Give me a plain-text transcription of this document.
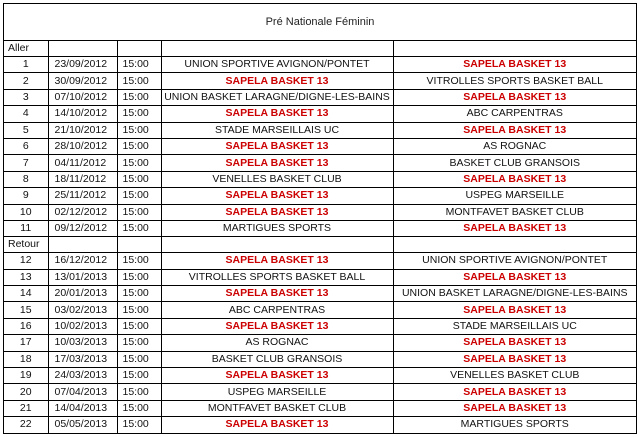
Pré Nationale Féminin
Aller				
1	23/09/2012	15:00	UNION SPORTIVE AVIGNON/PONTET	SAPELA BASKET 13
2	30/09/2012	15:00	SAPELA BASKET 13	VITROLLES SPORTS BASKET BALL
3	07/10/2012	15:00	UNION BASKET LARAGNE/DIGNE-LES-BAINS	SAPELA BASKET 13
4	14/10/2012	15:00	SAPELA BASKET 13	ABC CARPENTRAS
5	21/10/2012	15:00	STADE MARSEILLAIS UC	SAPELA BASKET 13
6	28/10/2012	15:00	SAPELA BASKET 13	AS ROGNAC
7	04/11/2012	15:00	SAPELA BASKET 13	BASKET CLUB GRANSOIS
8	18/11/2012	15:00	VENELLES BASKET CLUB	SAPELA BASKET 13
9	25/11/2012	15:00	SAPELA BASKET 13	USPEG MARSEILLE
10	02/12/2012	15:00	SAPELA BASKET 13	MONTFAVET BASKET CLUB
11	09/12/2012	15:00	MARTIGUES SPORTS	SAPELA BASKET 13
Retour				
12	16/12/2012	15:00	SAPELA BASKET 13	UNION SPORTIVE AVIGNON/PONTET
13	13/01/2013	15:00	VITROLLES SPORTS BASKET BALL	SAPELA BASKET 13
14	20/01/2013	15:00	SAPELA BASKET 13	UNION BASKET LARAGNE/DIGNE-LES-BAINS
15	03/02/2013	15:00	ABC CARPENTRAS	SAPELA BASKET 13
16	10/02/2013	15:00	SAPELA BASKET 13	STADE MARSEILLAIS UC
17	10/03/2013	15:00	AS ROGNAC	SAPELA BASKET 13
18	17/03/2013	15:00	BASKET CLUB GRANSOIS	SAPELA BASKET 13
19	24/03/2013	15:00	SAPELA BASKET 13	VENELLES BASKET CLUB
20	07/04/2013	15:00	USPEG MARSEILLE	SAPELA BASKET 13
21	14/04/2013	15:00	MONTFAVET BASKET CLUB	SAPELA BASKET 13
22	05/05/2013	15:00	SAPELA BASKET 13	MARTIGUES SPORTS
